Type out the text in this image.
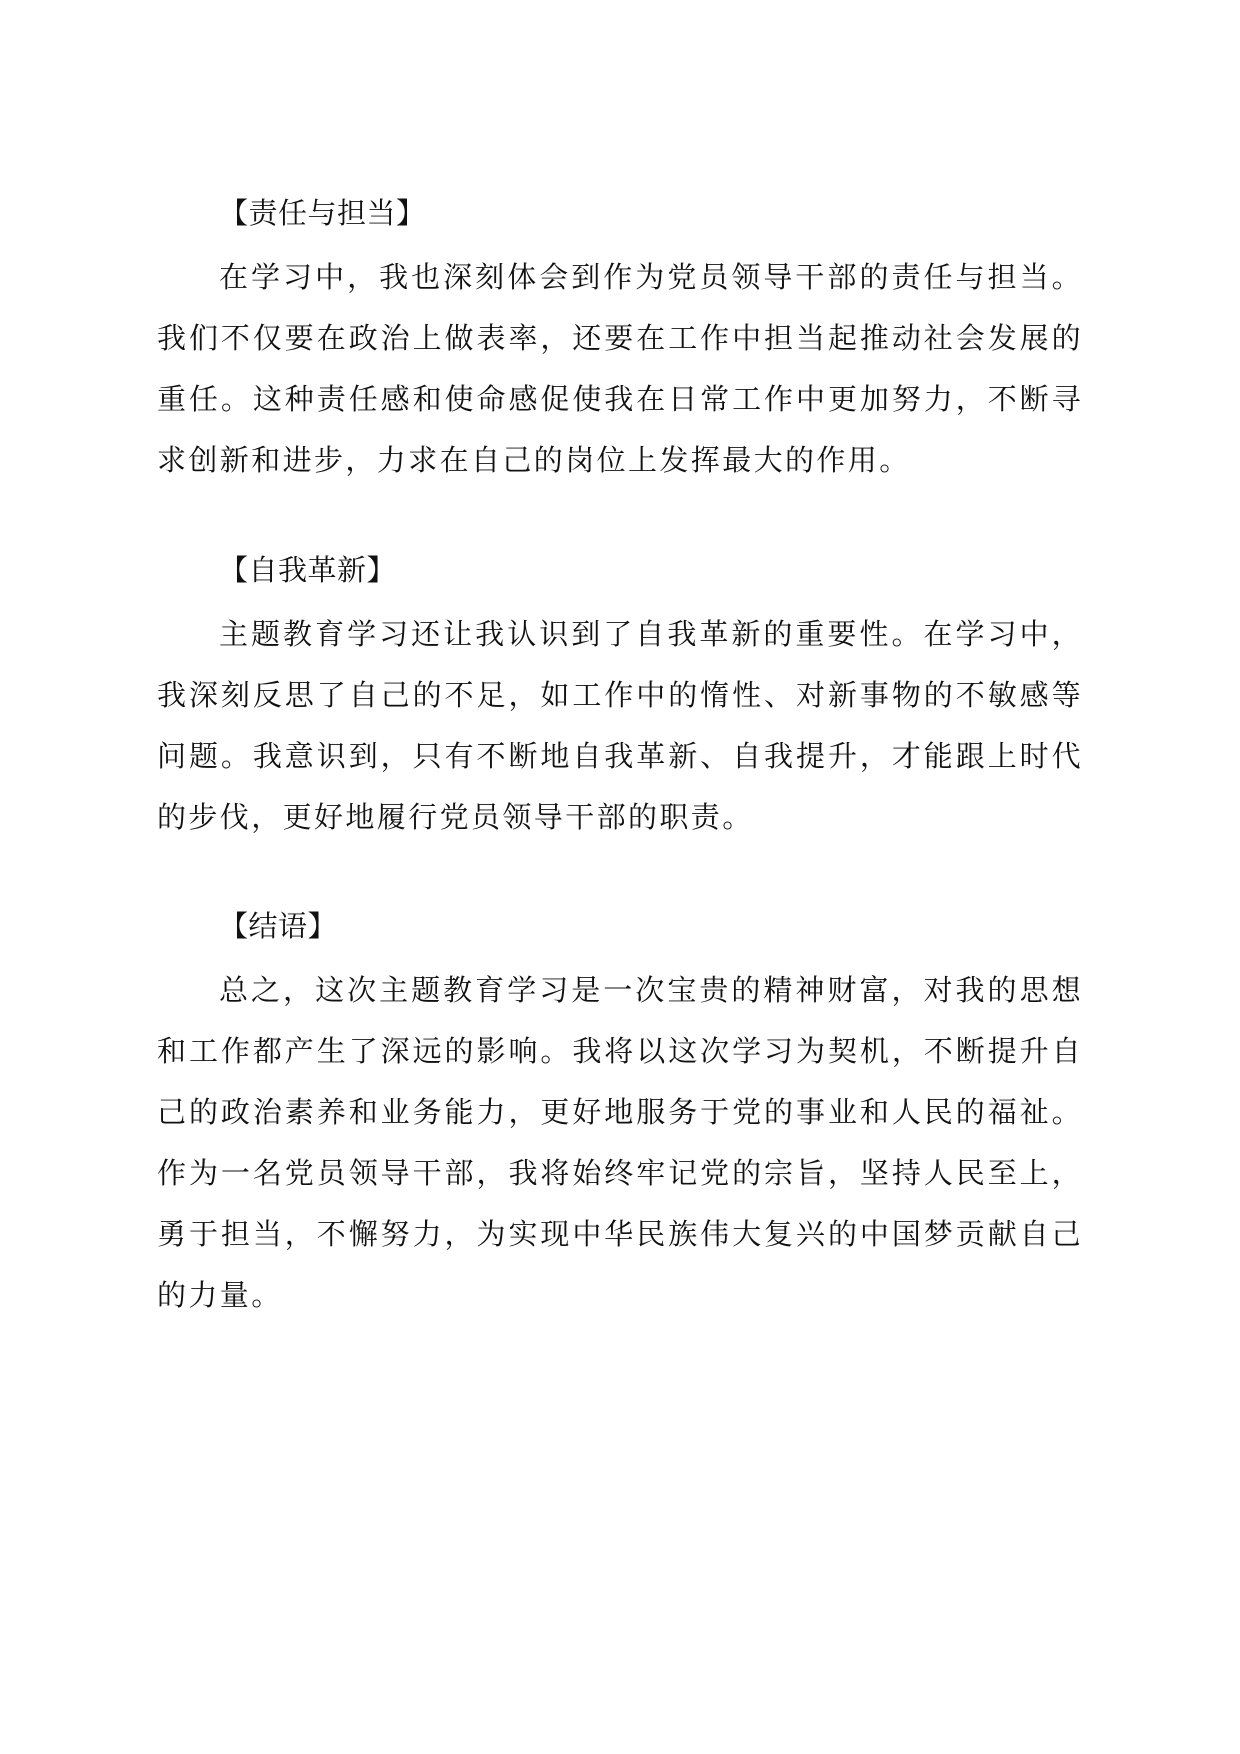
【责任与担当】

在学习中，我也深刻体会到作为党员领导干部的责任与担当。我们不仅要在政治上做表率，还要在工作中担当起推动社会发展的重任。这种责任感和使命感促使我在日常工作中更加努力，不断寻求创新和进步，力求在自己的岗位上发挥最大的作用。

【自我革新】

主题教育学习还让我认识到了自我革新的重要性。在学习中，我深刻反思了自己的不足，如工作中的惰性、对新事物的不敏感等问题。我意识到，只有不断地自我革新、自我提升，才能跟上时代的步伐，更好地履行党员领导干部的职责。

【结语】

总之，这次主题教育学习是一次宝贵的精神财富，对我的思想和工作都产生了深远的影响。我将以这次学习为契机，不断提升自己的政治素养和业务能力，更好地服务于党的事业和人民的福祉。作为一名党员领导干部，我将始终牢记党的宗旨，坚持人民至上，勇于担当，不懈努力，为实现中华民族伟大复兴的中国梦贡献自己的力量。
